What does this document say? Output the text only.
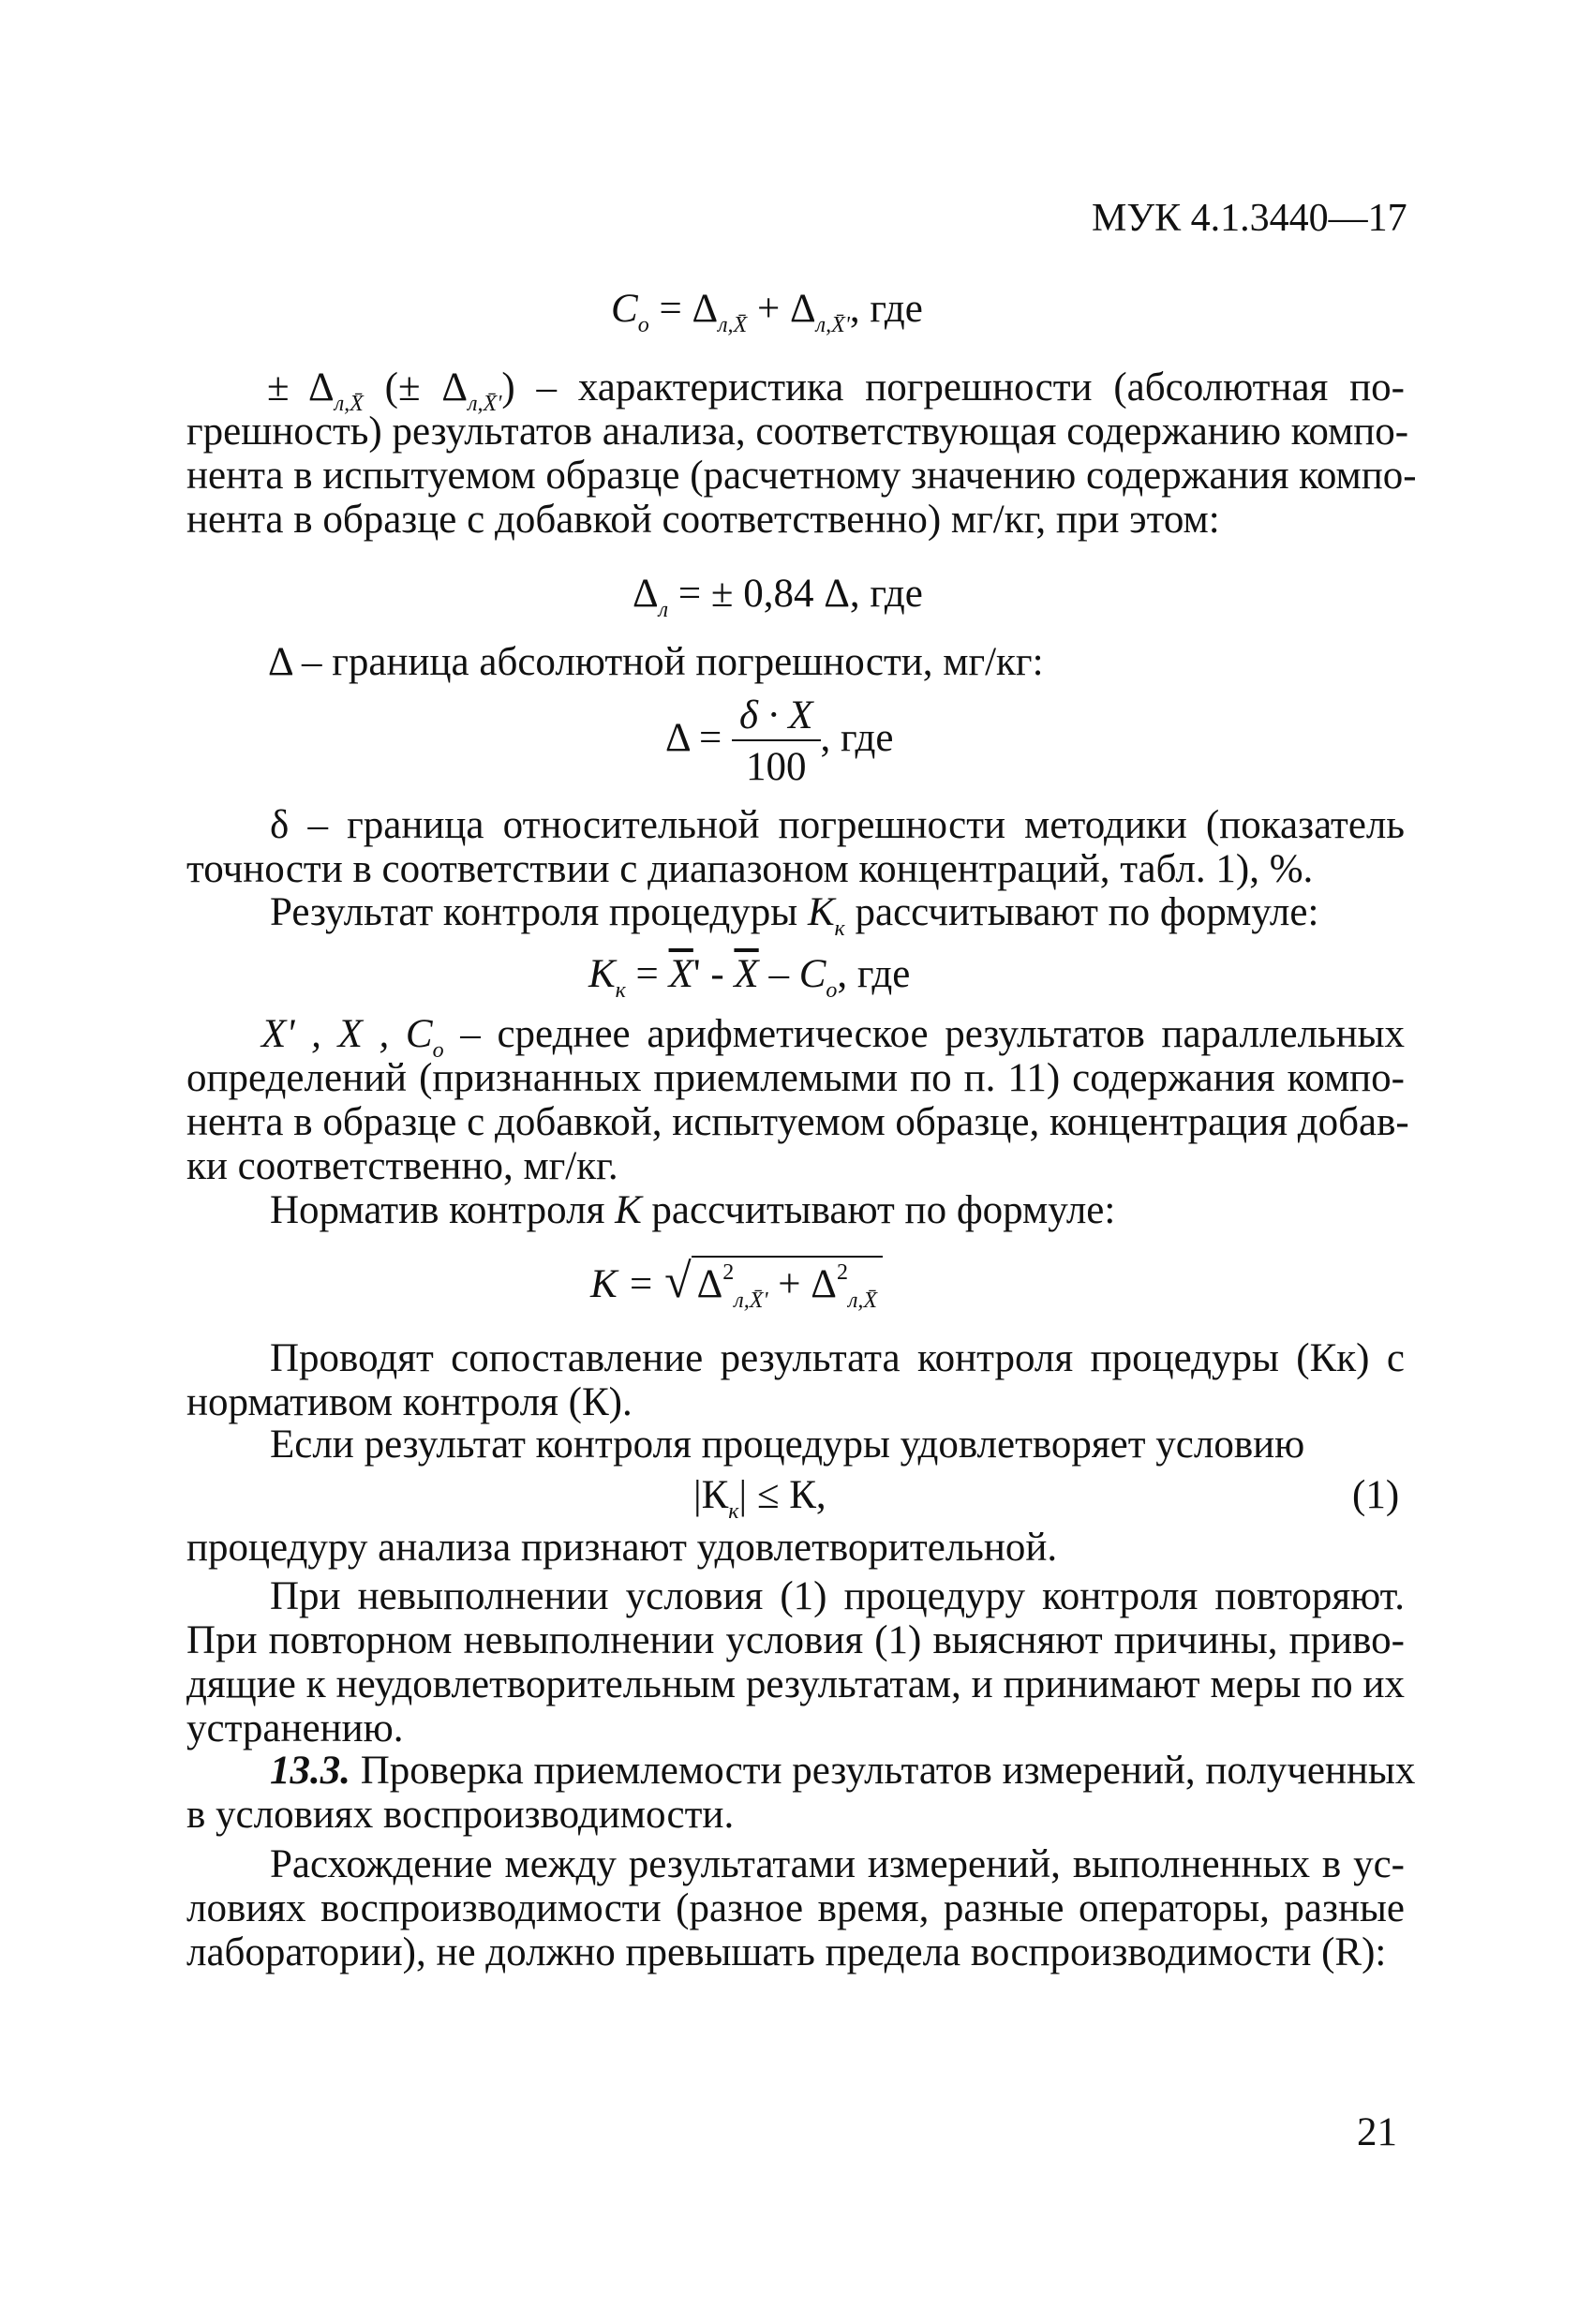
МУК 4.1.3440—17
$C_o = \Delta_{л,X̄} + \Delta_{л,X̄'}$, где
± $\Delta_{л,X̄}$ (± $\Delta_{л,X̄'}$) – характеристика погрешности (абсолютная по-
грешность) результатов анализа, соответствующая содержанию компо-
нента в испытуемом образце (расчетному значению содержания компо-
нента в образце с добавкой соответственно) мг/кг, при этом:
$\Delta_л$ = ± 0,84 Δ, где
Δ – граница абсолютной погрешности, мг/кг:
$\Delta = \frac{\delta \cdot X}{100}$ , где
δ – граница относительной погрешности методики (показатель
точности в соответствии с диапазоном концентраций, табл. 1), %.
Результат контроля процедуры $К_к$ рассчитывают по формуле:
$К_к = \overline{X}' - \overline{X} - C_o$, где
X' , X , $C_o$ – среднее арифметическое результатов параллельных
определений (признанных приемлемыми по п. 11) содержания компо-
нента в образце с добавкой, испытуемом образце, концентрация добав-
ки соответственно, мг/кг.
Норматив контроля К рассчитывают по формуле:
К = √ $\Delta^2_{л,X̄'} + \Delta^2_{л,X̄}$
Проводят сопоставление результата контроля процедуры (Кк) с
нормативом контроля (К).
Если результат контроля процедуры удовлетворяет условию
$|К_к| \le К$,	(1)
процедуру анализа признают удовлетворительной.
При невыполнении условия (1) процедуру контроля повторяют.
При повторном невыполнении условия (1) выясняют причины, приво-
дящие к неудовлетворительным результатам, и принимают меры по их
устранению.
13.3. Проверка приемлемости результатов измерений, полученных
в условиях воспроизводимости.
Расхождение между результатами измерений, выполненных в ус-
ловиях воспроизводимости (разное время, разные операторы, разные
лаборатории), не должно превышать предела воспроизводимости (R):
21
